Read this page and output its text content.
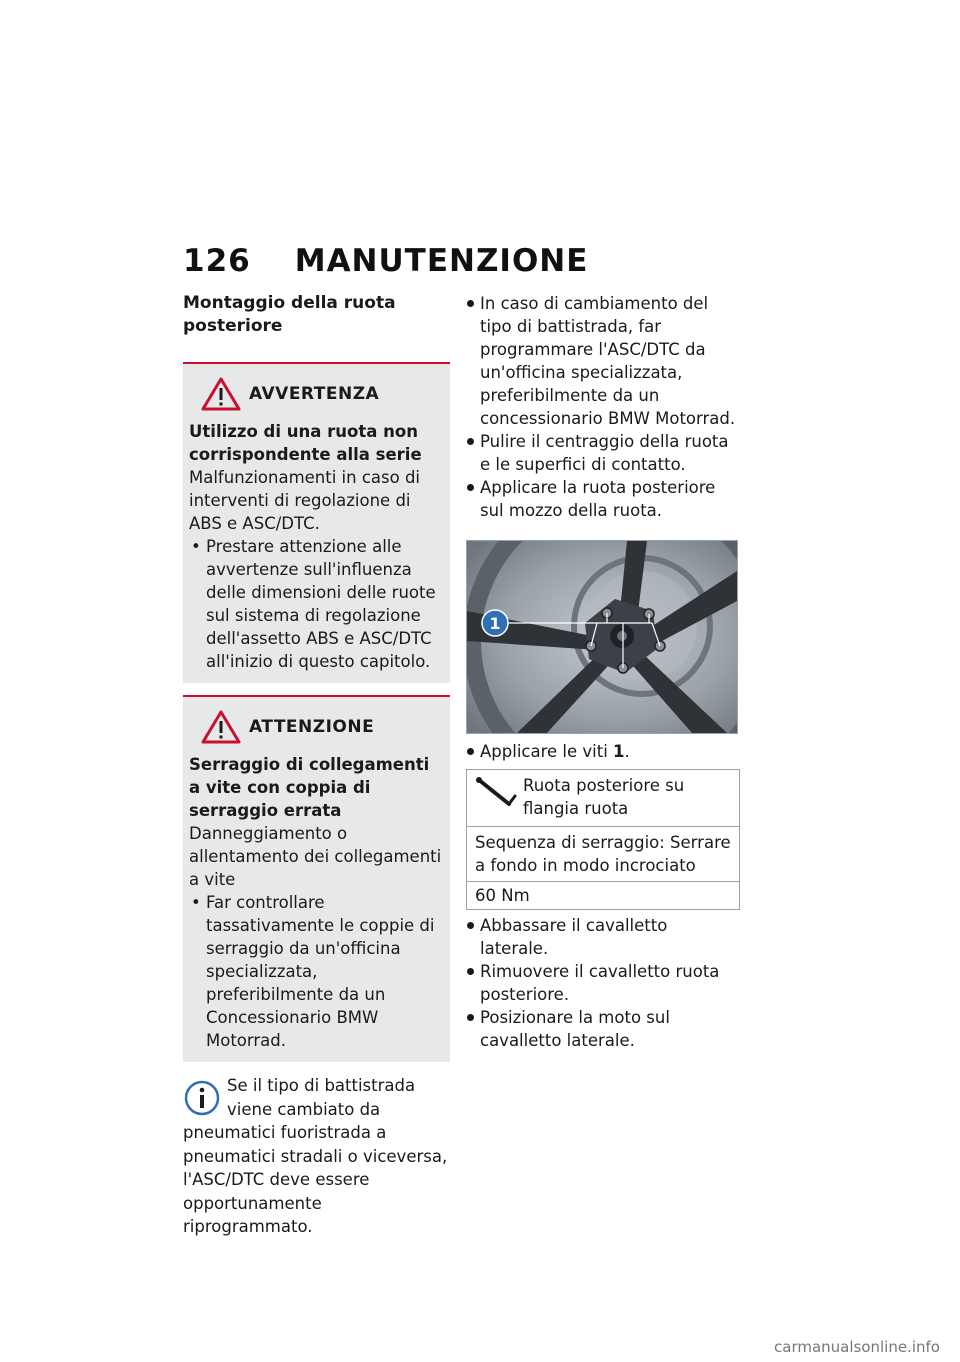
126 MANUTENZIONE
Montaggio della ruota posteriore
AVVERTENZA
Utilizzo di una ruota non corrispondente alla serie
Malfunzionamenti in caso di interventi di regolazione di ABS e ASC/DTC.
• Prestare attenzione alle avvertenze sull'influenza delle dimensioni delle ruote sul sistema di regolazione dell'assetto ABS e ASC/DTC all'inizio di questo capitolo.
ATTENZIONE
Serraggio di collegamenti a vite con coppia di serraggio errata
Danneggiamento o allentamento dei collegamenti a vite
• Far controllare tassativamente le coppie di serraggio da un'officina specializzata, preferibilmente da un Concessionario BMW Motorrad.
Se il tipo di battistrada viene cambiato da pneumatici fuoristrada a pneumatici stradali o viceversa, l'ASC/DTC deve essere opportunamente riprogrammato.
In caso di cambiamento del tipo di battistrada, far programmare l'ASC/DTC da un'officina specializzata, preferibilmente da un concessionario BMW Motorrad.
Pulire il centraggio della ruota e le superfici di contatto.
Applicare la ruota posteriore sul mozzo della ruota.
1
Applicare le viti 1.
Ruota posteriore su flangia ruota
Sequenza di serraggio: Serrare a fondo in modo incrociato
60 Nm
Abbassare il cavalletto laterale.
Rimuovere il cavalletto ruota posteriore.
Posizionare la moto sul cavalletto laterale.
carmanualsonline.info
